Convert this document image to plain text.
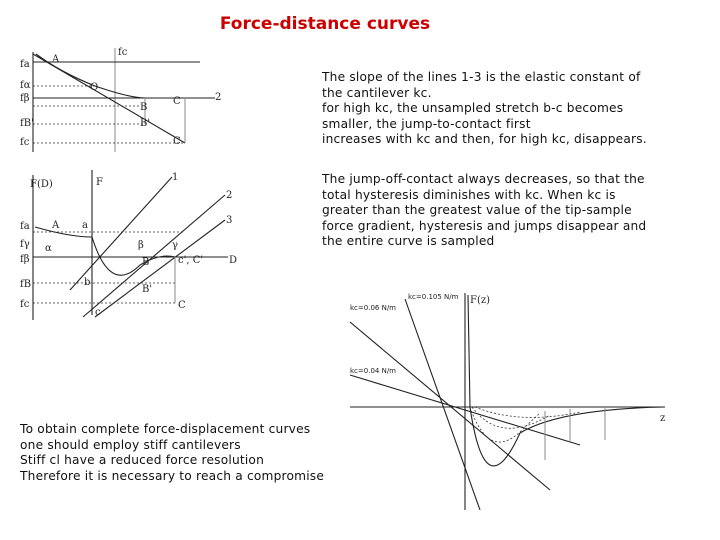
Force-distance curves
The slope of the lines 1-3 is the elastic constant of
the cantilever kc.
for high kc, the unsampled stretch b-c becomes
smaller, the jump-to-contact first
increases with kc and then, for high kc, disappears.
The jump-off-contact always decreases, so that the
total hysteresis diminishes with kc. When kc is
greater than the greatest value of the tip-sample
force gradient, hysteresis and jumps disappear and
the entire curve is sampled
To obtain complete force-displacement curves
one should employ stiff cantilevers
Stiff cl have a reduced force resolution
Therefore it is necessary to reach a compromise
fc
fa
fα
fβ
fB'
fc
A
O
B
B'
C
C
2
F(D)
fa
fγ
fβ
fB
fc
1
2
3
F
A a
α	β	γ
b
B
B'
c
C
c', C'	D
F(z)
z
kc=0.06 N/m
kc=0.105 N/m
kc=0.04 N/m
